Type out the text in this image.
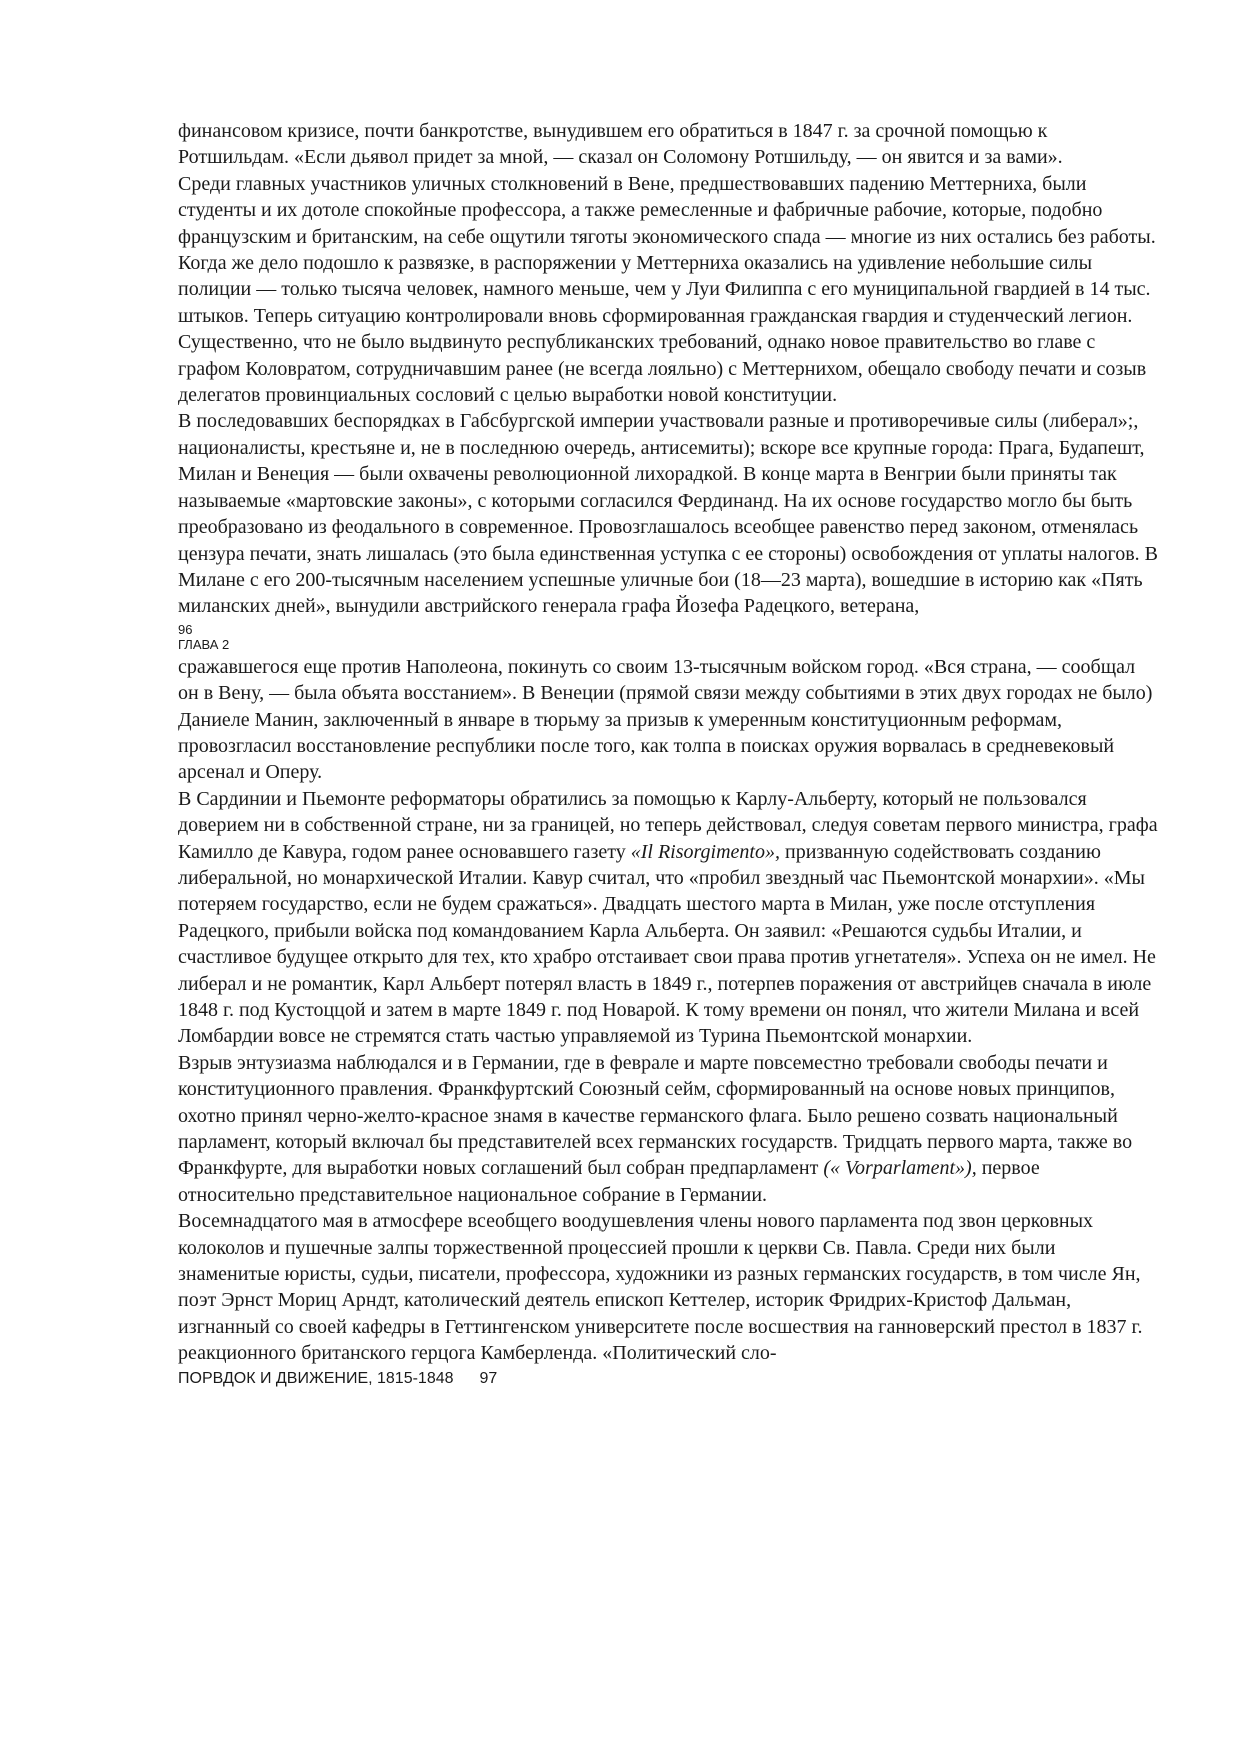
финансовом кризисе, почти банкротстве, вынудившем его обратиться в 1847 г. за срочной помощью к Ротшильдам. «Если дьявол придет за мной, — сказал он Соломону Ротшильду, — он явится и за вами».

Среди главных участников уличных столкновений в Вене, предшествовавших падению Меттерниха, были студенты и их дотоле спокойные профессора, а также ремесленные и фабричные рабочие, которые, подобно французским и британским, на себе ощутили тяготы экономического спада — многие из них остались без работы. Когда же дело подошло к развязке, в распоряжении у Меттерниха оказались на удивление небольшие силы полиции — только тысяча человек, намного меньше, чем у Луи Филиппа с его муниципальной гвардией в 14 тыс. штыков. Теперь ситуацию контролировали вновь сформированная гражданская гвардия и студенческий легион. Существенно, что не было выдвинуто республиканских требований, однако новое правительство во главе с графом Коловратом, сотрудничавшим ранее (не всегда лояльно) с Меттернихом, обещало свободу печати и созыв делегатов провинциальных сословий с целью выработки новой конституции.

В последовавших беспорядках в Габсбургской империи участвовали разные и противоречивые силы (либерал»;, националисты, крестьяне и, не в последнюю очередь, антисемиты); вскоре все крупные города: Прага, Будапешт, Милан и Венеция — были охвачены революционной лихорадкой. В конце марта в Венгрии были приняты так называемые «мартовские законы», с которыми согласился Фердинанд. На их основе государство могло бы быть преобразовано из феодального в современное. Провозглашалось всеобщее равенство перед законом, отменялась цензура печати, знать лишалась (это была единственная уступка с ее стороны) освобождения от уплаты налогов. В Милане с его 200-тысячным населением успешные уличные бои (18—23 марта), вошедшие в историю как «Пять миланских дней», вынудили австрийского генерала графа Йозефа Радецкого, ветерана,

96
ГЛАВА 2

сражавшегося еще против Наполеона, покинуть со своим 13-тысячным войском город. «Вся страна, — сообщал он в Вену, — была объята восстанием». В Венеции (прямой связи между событиями в этих двух городах не было) Даниеле Манин, заключенный в январе в тюрьму за призыв к умеренным конституционным реформам, провозгласил восстановление республики после того, как толпа в поисках оружия ворвалась в средневековый арсенал и Оперу.

В Сардинии и Пьемонте реформаторы обратились за помощью к Карлу-Альберту, который не пользовался доверием ни в собственной стране, ни за границей, но теперь действовал, следуя советам первого министра, графа Камилло де Кавура, годом ранее основавшего газету «Il Risorgimento», призванную содействовать созданию либеральной, но монархической Италии. Кавур считал, что «пробил звездный час Пьемонтской монархии». «Мы потеряем государство, если не будем сражаться». Двадцать шестого марта в Милан, уже после отступления Радецкого, прибыли войска под командованием Карла Альберта. Он заявил: «Решаются судьбы Италии, и счастливое будущее открыто для тех, кто храбро отстаивает свои права против угнетателя». Успеха он не имел. Не либерал и не романтик, Карл Альберт потерял власть в 1849 г., потерпев поражения от австрийцев сначала в июле 1848 г. под Кустоццой и затем в марте 1849 г. под Новарой. К тому времени он понял, что жители Милана и всей Ломбардии вовсе не стремятся стать частью управляемой из Турина Пьемонтской монархии.

Взрыв энтузиазма наблюдался и в Германии, где в феврале и марте повсеместно требовали свободы печати и конституционного правления. Франкфуртский Союзный сейм, сформированный на основе новых принципов, охотно принял черно-желто-красное знамя в качестве германского флага. Было решено созвать национальный парламент, который включал бы представителей всех германских государств. Тридцать первого марта, также во Франкфурте, для выработки новых соглашений был собран предпарламент (« Vorparlament»), первое относительно представительное национальное собрание в Германии.

Восемнадцатого мая в атмосфере всеобщего воодушевления члены нового парламента под звон церковных колоколов и пушечные залпы торжественной процессией прошли к церкви Св. Павла. Среди них были знаменитые юристы, судьи, писатели, профессора, художники из разных германских государств, в том числе Ян, поэт Эрнст Мориц Арндт, католический деятель епископ Кеттелер, историк Фридрих-Кристоф Дальман, изгнанный со своей кафедры в Геттингенском университете после восшествия на ганноверский престол в 1837 г. реакционного британского герцога Камберленда. «Политический сло-

ПОРВДОК И ДВИЖЕНИЕ, 1815-1848 97
